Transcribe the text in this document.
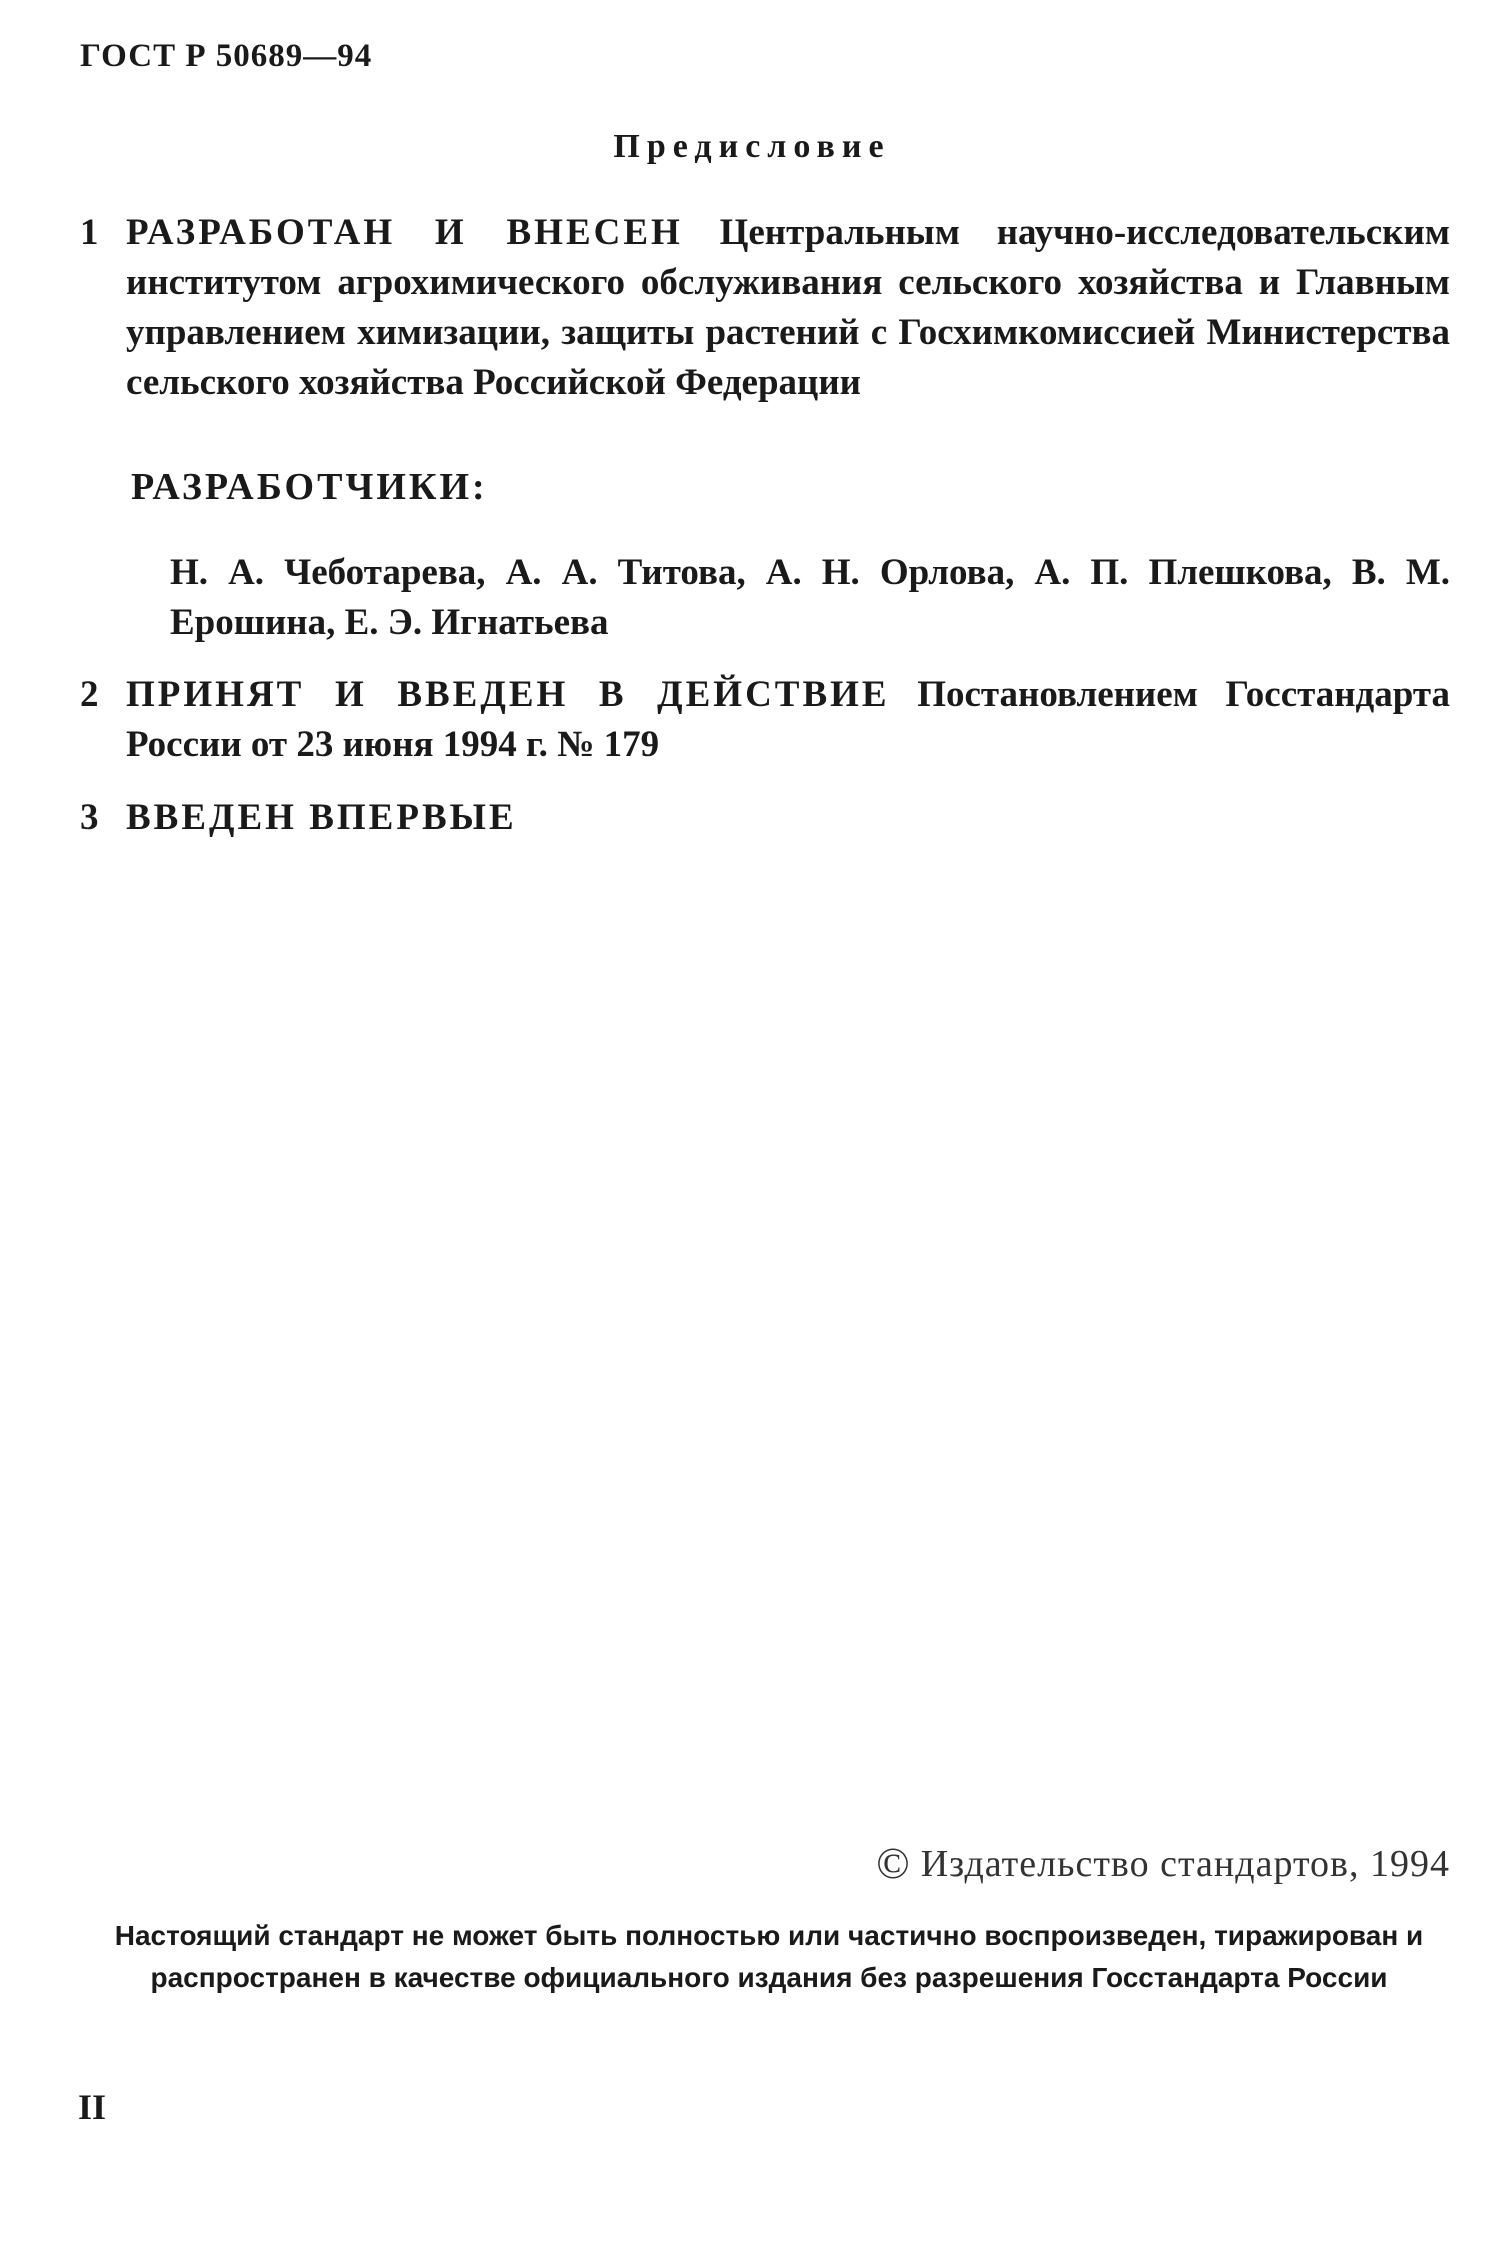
ГОСТ Р 50689—94
Предисловие
1 РАЗРАБОТАН И ВНЕСЕН Центральным научно-исследовательским институтом агрохимического обслуживания сельского хозяйства и Главным управлением химизации, защиты растений с Госхимкомиссией Министерства сельского хозяйства Российской Федерации
РАЗРАБОТЧИКИ:
Н. А. Чеботарева, А. А. Титова, А. Н. Орлова, А. П. Плешкова, В. М. Ерошина, Е. Э. Игнатьева
2 ПРИНЯТ И ВВЕДЕН В ДЕЙСТВИЕ Постановлением Госстандарта России от 23 июня 1994 г. № 179
3 ВВЕДЕН ВПЕРВЫЕ
© Издательство стандартов, 1994
Настоящий стандарт не может быть полностью или частично воспроизведен, тиражирован и распространен в качестве официального издания без разрешения Госстандарта России
II
